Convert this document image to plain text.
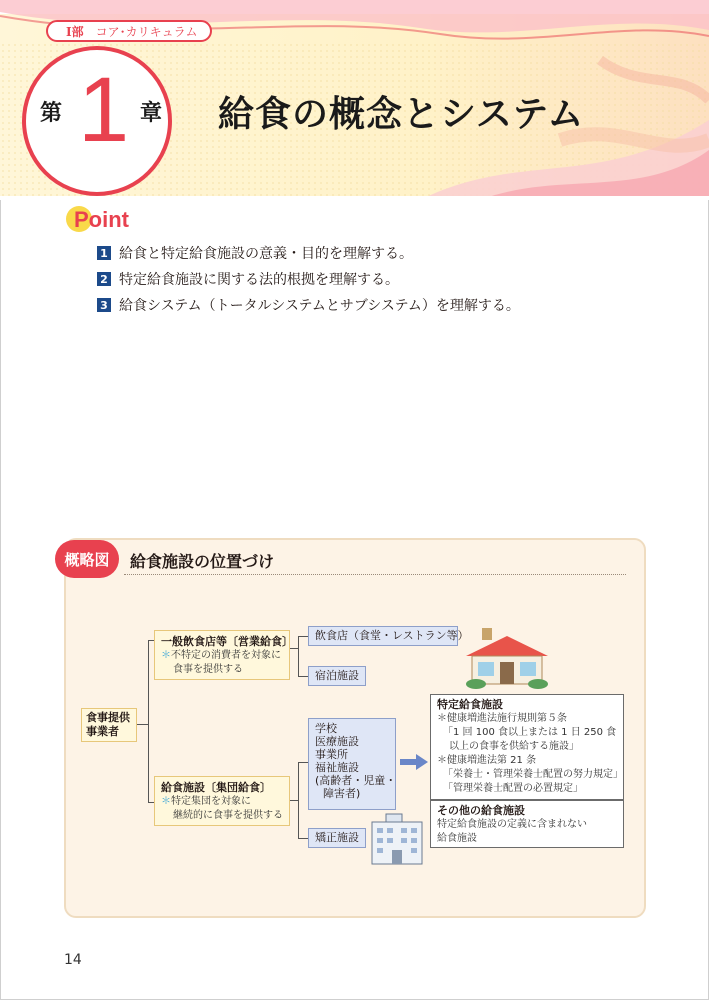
Ⅰ部 コア･カリキュラム
第 1 章 給食の概念とシステム
Point
1 給食と特定給食施設の意義・目的を理解する。
2 特定給食施設に関する法的根拠を理解する。
3 給食システム（トータルシステムとサブシステム）を理解する。
概略図	給食施設の位置づけ
食事提供
事業者
一般飲食店等〔営業給食〕
＊不特定の消費者を対象に
食事を提供する
飲食店（食堂・レストラン等）
宿泊施設
給食施設〔集団給食〕
＊特定集団を対象に
継続的に食事を提供する
学校
医療施設
事業所
福祉施設
(高齢者・児童・
障害者)
矯正施設
特定給食施設
＊健康増進法施行規則第５条
「1 回 100 食以上または 1 日 250 食
以上の食事を供給する施設」
＊健康増進法第 21 条
「栄養士・管理栄養士配置の努力規定」
「管理栄養士配置の必置規定」
その他の給食施設
特定給食施設の定義に含まれない
給食施設
14
